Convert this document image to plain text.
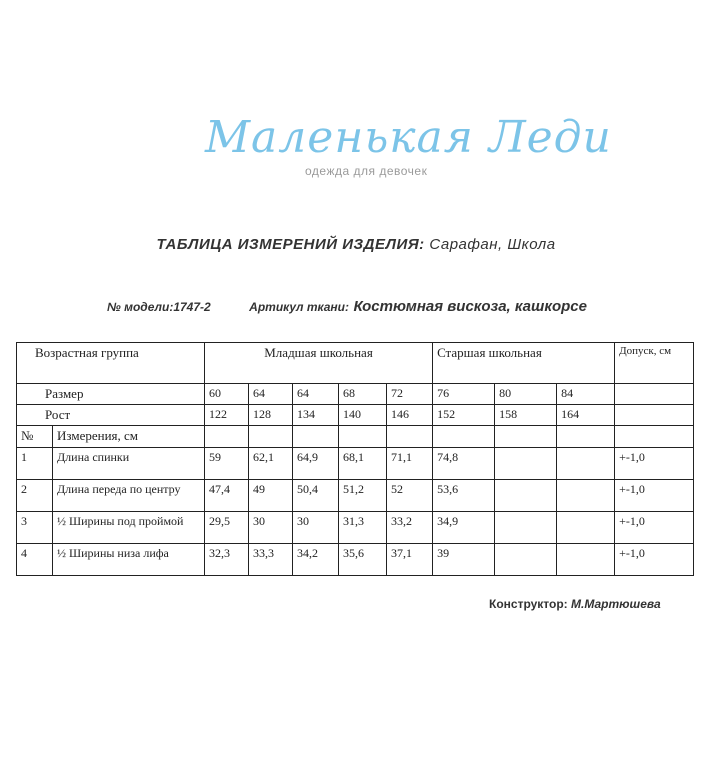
Маленькая Леди
одежда для девочек
ТАБЛИЦА ИЗМЕРЕНИЙ ИЗДЕЛИЯ: Сарафан, Школа
№ модели:1747-2	Артикул ткани: Костюмная вискоза, кашкорсе
Возрастная группа		Младшая школьная					Старшая школьная			Допуск, см
Размер		60	64	64	68	72	76	80	84	
Рост		122	128	134	140	146	152	158	164	
№	Измерения, см									
1	Длина спинки	59	62,1	64,9	68,1	71,1	74,8			+-1,0
2	Длина переда по центру	47,4	49	50,4	51,2	52	53,6			+-1,0
3	½ Ширины под проймой	29,5	30	30	31,3	33,2	34,9			+-1,0
4	½ Ширины низа лифа	32,3	33,3	34,2	35,6	37,1	39			+-1,0
Конструктор: М.Мартюшева
